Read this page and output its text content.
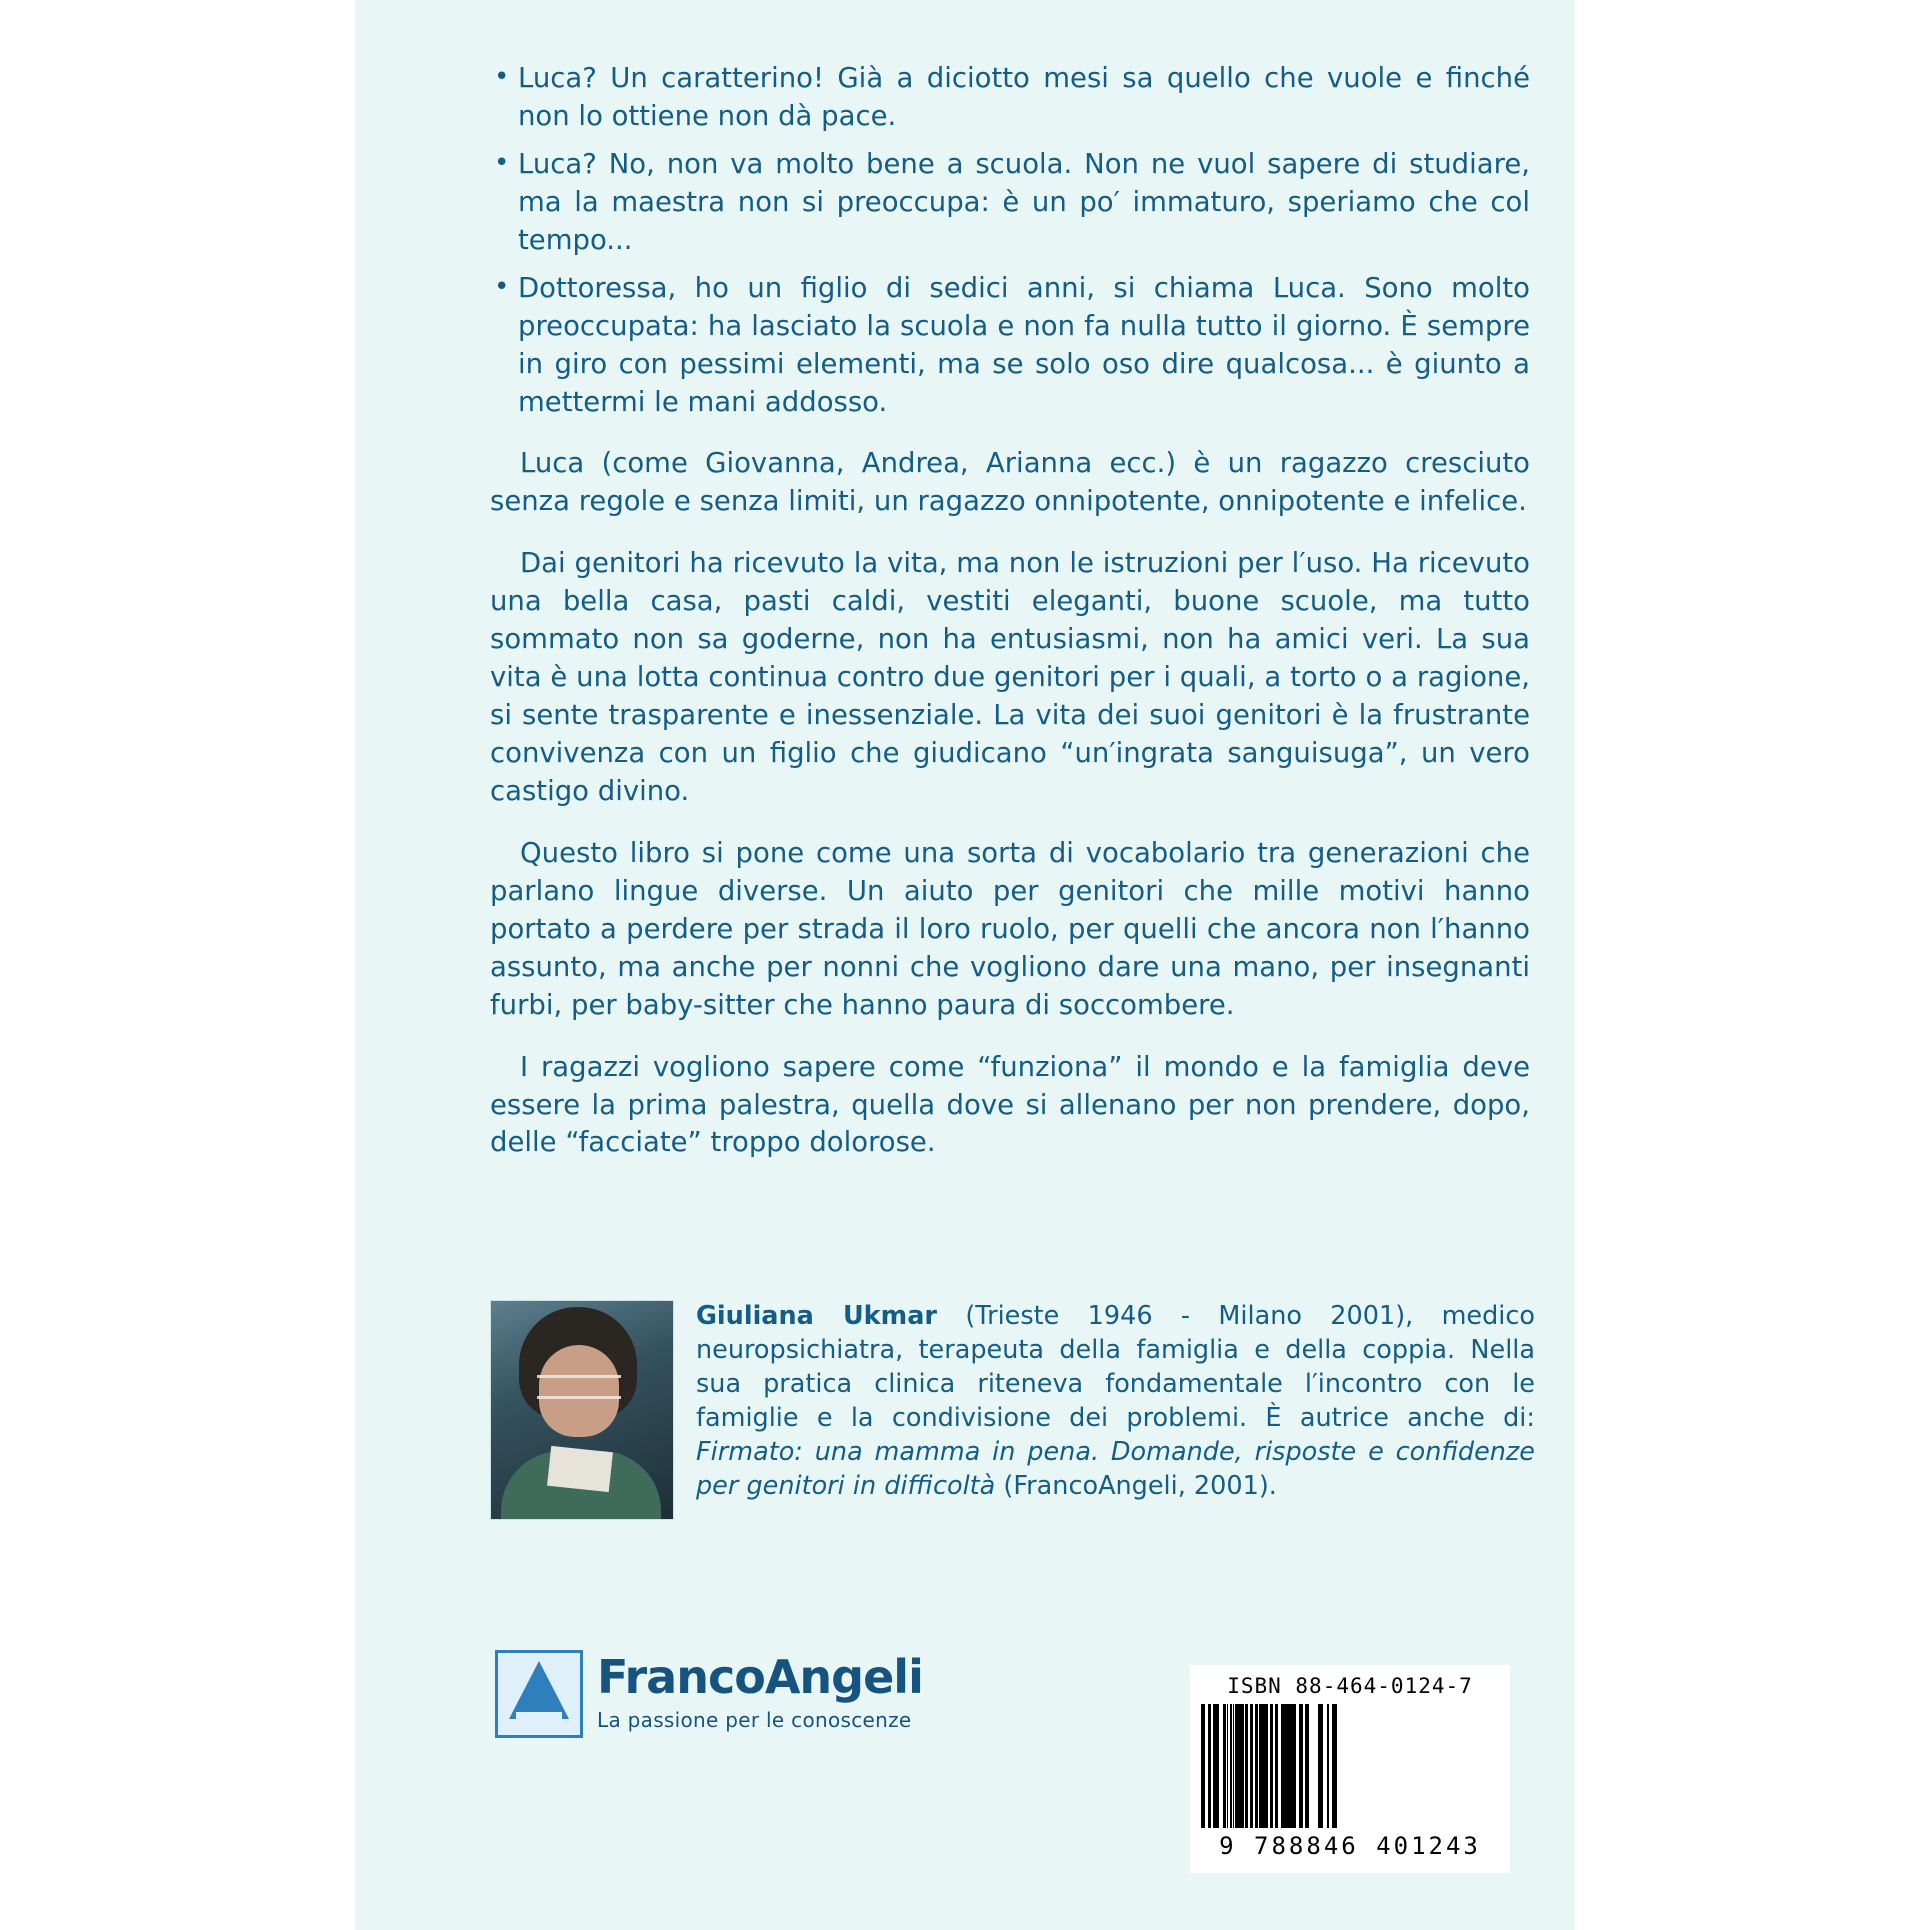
• Luca? Un caratterino! Già a diciotto mesi sa quello che vuole e finché non lo ottiene non dà pace.
• Luca? No, non va molto bene a scuola. Non ne vuol sapere di studiare, ma la maestra non si preoccupa: è un po′ immaturo, speriamo che col tempo...
• Dottoressa, ho un figlio di sedici anni, si chiama Luca. Sono molto preoccupata: ha lasciato la scuola e non fa nulla tutto il giorno. È sempre in giro con pessimi elementi, ma se solo oso dire qualcosa... è giunto a mettermi le mani addosso.

Luca (come Giovanna, Andrea, Arianna ecc.) è un ragazzo cresciuto senza regole e senza limiti, un ragazzo onnipotente, onnipotente e infelice.

Dai genitori ha ricevuto la vita, ma non le istruzioni per l′uso. Ha ricevuto una bella casa, pasti caldi, vestiti eleganti, buone scuole, ma tutto sommato non sa goderne, non ha entusiasmi, non ha amici veri. La sua vita è una lotta continua contro due genitori per i quali, a torto o a ragione, si sente trasparente e inessenziale. La vita dei suoi genitori è la frustrante convivenza con un figlio che giudicano “un′ingrata sanguisuga”, un vero castigo divino.

Questo libro si pone come una sorta di vocabolario tra generazioni che parlano lingue diverse. Un aiuto per genitori che mille motivi hanno portato a perdere per strada il loro ruolo, per quelli che ancora non l′hanno assunto, ma anche per nonni che vogliono dare una mano, per insegnanti furbi, per baby-sitter che hanno paura di soccombere.

I ragazzi vogliono sapere come “funziona” il mondo e la famiglia deve essere la prima palestra, quella dove si allenano per non prendere, dopo, delle “facciate” troppo dolorose.

Giuliana Ukmar (Trieste 1946 - Milano 2001), medico neuropsichiatra, terapeuta della famiglia e della coppia. Nella sua pratica clinica riteneva fondamentale l′incontro con le famiglie e la condivisione dei problemi. È autrice anche di: Firmato: una mamma in pena. Domande, risposte e confidenze per genitori in difficoltà (FrancoAngeli, 2001).
FrancoAngeli
La passione per le conoscenze
ISBN 88-464-0124-7
9 788846 401243
